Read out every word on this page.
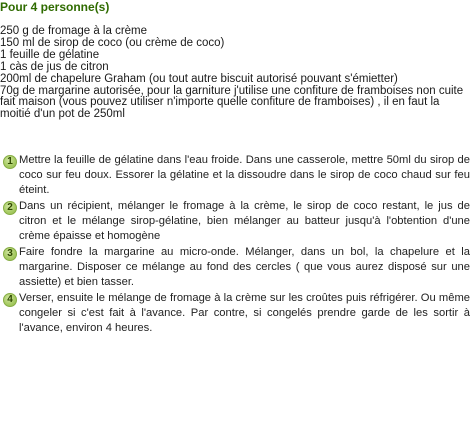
Pour 4 personne(s)
250 g de fromage à la crème
150 ml de sirop de coco (ou crème de coco)
1 feuille de gélatine
1 càs de jus de citron
200ml de chapelure Graham (ou tout autre biscuit autorisé pouvant s'émietter)
70g de margarine autorisée, pour la garniture j'utilise une confiture de framboises non cuite fait maison (vous pouvez utiliser n'importe quelle confiture de framboises) , il en faut la moitié d'un pot de 250ml
1 Mettre la feuille de gélatine dans l'eau froide. Dans une casserole, mettre 50ml du sirop de coco sur feu doux. Essorer la gélatine et la dissoudre dans le sirop de coco chaud sur feu éteint.
2 Dans un récipient, mélanger le fromage à la crème, le sirop de coco restant, le jus de citron et le mélange sirop-gélatine, bien mélanger au batteur jusqu'à l'obtention d'une crème épaisse et homogène
3 Faire fondre la margarine au micro-onde. Mélanger, dans un bol, la chapelure et la margarine. Disposer ce mélange au fond des cercles ( que vous aurez disposé sur une assiette) et bien tasser.
4 Verser, ensuite le mélange de fromage à la crème sur les croûtes puis réfrigérer. Ou même congeler si c'est fait à l'avance. Par contre, si congelés prendre garde de les sortir à l'avance, environ 4 heures.
